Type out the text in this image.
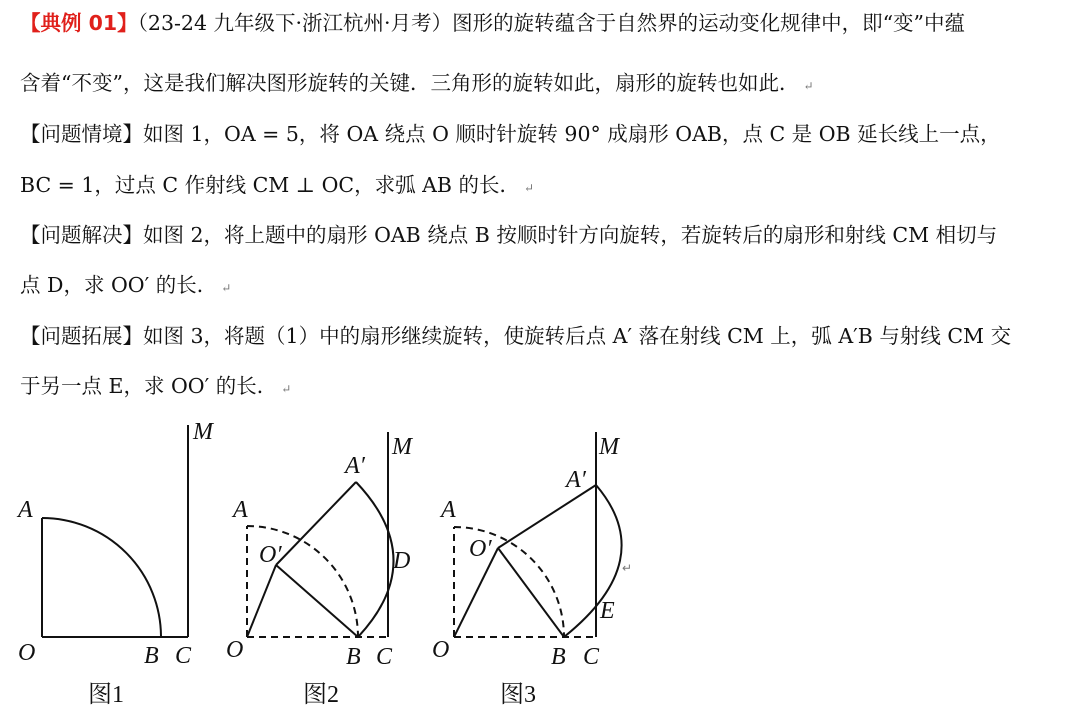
【典例 01】（23-24 九年级下·浙江杭州·月考）图形的旋转蕴含于自然界的运动变化规律中，即“变”中蕴
含着“不变”，这是我们解决图形旋转的关键．三角形的旋转如此，扇形的旋转也如此． ↵
【问题情境】如图 1，OA = 5，将 OA 绕点 O 顺时针旋转 90° 成扇形 OAB，点 C 是 OB 延长线上一点，
BC = 1，过点 C 作射线 CM ⊥ OC，求弧 AB 的长． ↵
【问题解决】如图 2，将上题中的扇形 OAB 绕点 B 按顺时针方向旋转，若旋转后的扇形和射线 CM 相切与
点 D，求 OO′ 的长． ↵
【问题拓展】如图 3，将题（1）中的扇形继续旋转，使旋转后点 A′ 落在射线 CM 上，弧 A′B 与射线 CM 交
于另一点 E，求 OO′ 的长． ↵
A
O	B C
M
图1
A
A′
O′
O	B C
D
M
图2
A
A′
O′
O	B C
E
M
↵
图3
